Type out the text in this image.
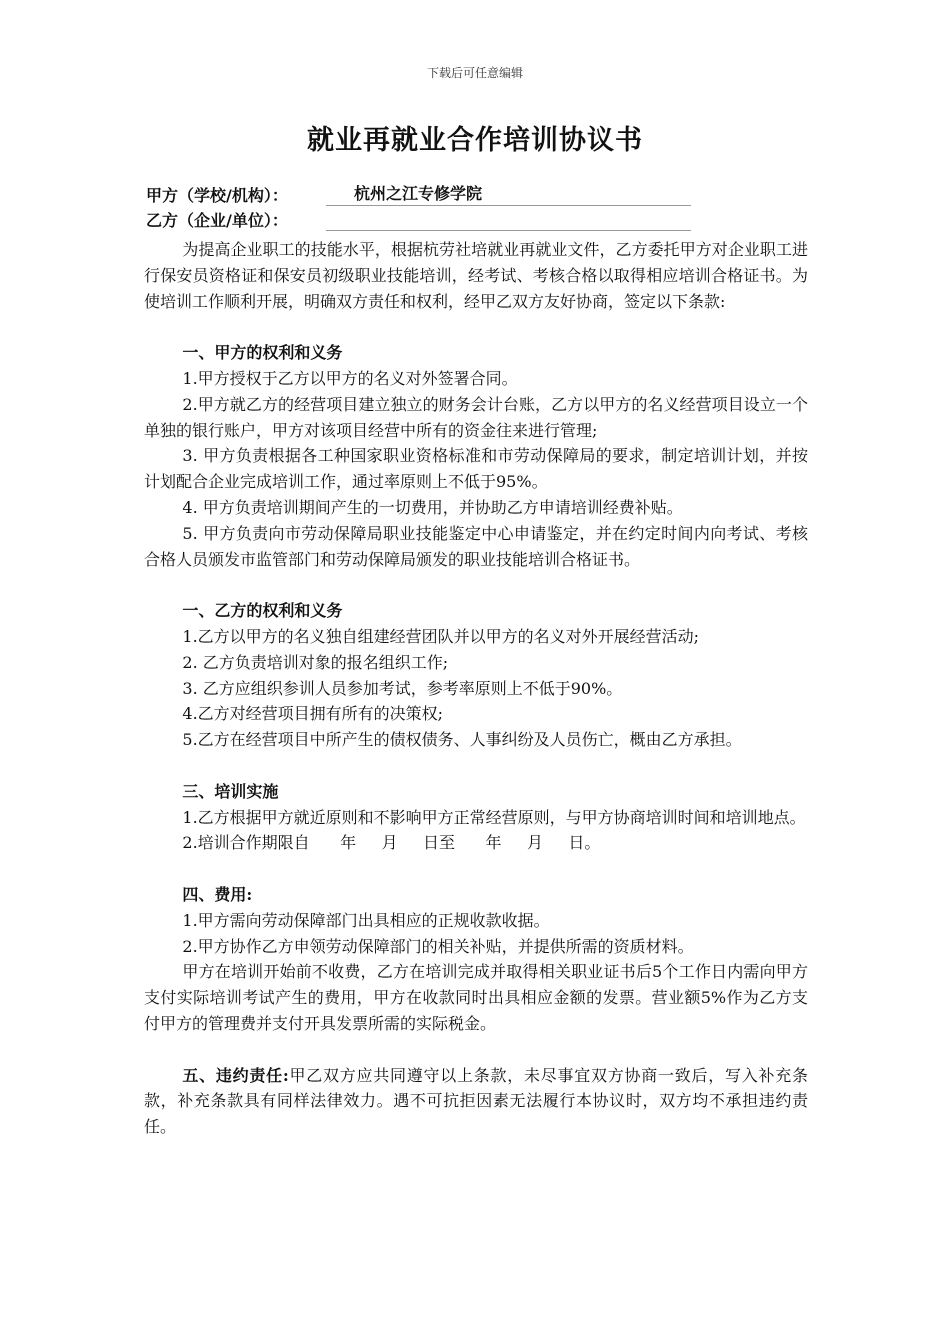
下载后可任意编辑
就业再就业合作培训协议书
甲方（学校/机构）：	杭州之江专修学院
乙方（企业/单位）：

为提高企业职工的技能水平，根据杭劳社培就业再就业文件，乙方委托甲方对企业职工进行保安员资格证和保安员初级职业技能培训，经考试、考核合格以取得相应培训合格证书。为使培训工作顺利开展，明确双方责任和权利，经甲乙双方友好协商，签定以下条款:

一、甲方的权利和义务

1.甲方授权于乙方以甲方的名义对外签署合同。

2.甲方就乙方的经营项目建立独立的财务会计台账，乙方以甲方的名义经营项目设立一个单独的银行账户，甲方对该项目经营中所有的资金往来进行管理;

3. 甲方负责根据各工种国家职业资格标准和市劳动保障局的要求，制定培训计划，并按计划配合企业完成培训工作，通过率原则上不低于95%。

4. 甲方负责培训期间产生的一切费用，并协助乙方申请培训经费补贴。

5. 甲方负责向市劳动保障局职业技能鉴定中心申请鉴定，并在约定时间内向考试、考核合格人员颁发市监管部门和劳动保障局颁发的职业技能培训合格证书。

一、乙方的权利和义务

1.乙方以甲方的名义独自组建经营团队并以甲方的名义对外开展经营活动;

2. 乙方负责培训对象的报名组织工作;

3. 乙方应组织参训人员参加考试，参考率原则上不低于90%。

4.乙方对经营项目拥有所有的决策权;

5.乙方在经营项目中所产生的债权债务、人事纠纷及人员伤亡，概由乙方承担。

三、培训实施

1.乙方根据甲方就近原则和不影响甲方正常经营原则，与甲方协商培训时间和培训地点。

2.培训合作期限自      年     月     日至      年     月     日。

四、费用:

1.甲方需向劳动保障部门出具相应的正规收款收据。

2.甲方协作乙方申领劳动保障部门的相关补贴，并提供所需的资质材料。

甲方在培训开始前不收费，乙方在培训完成并取得相关职业证书后5个工作日内需向甲方支付实际培训考试产生的费用，甲方在收款同时出具相应金额的发票。营业额5%作为乙方支付甲方的管理费并支付开具发票所需的实际税金。

五、违约责任:甲乙双方应共同遵守以上条款，未尽事宜双方协商一致后，写入补充条款，补充条款具有同样法律效力。遇不可抗拒因素无法履行本协议时，双方均不承担违约责任。
